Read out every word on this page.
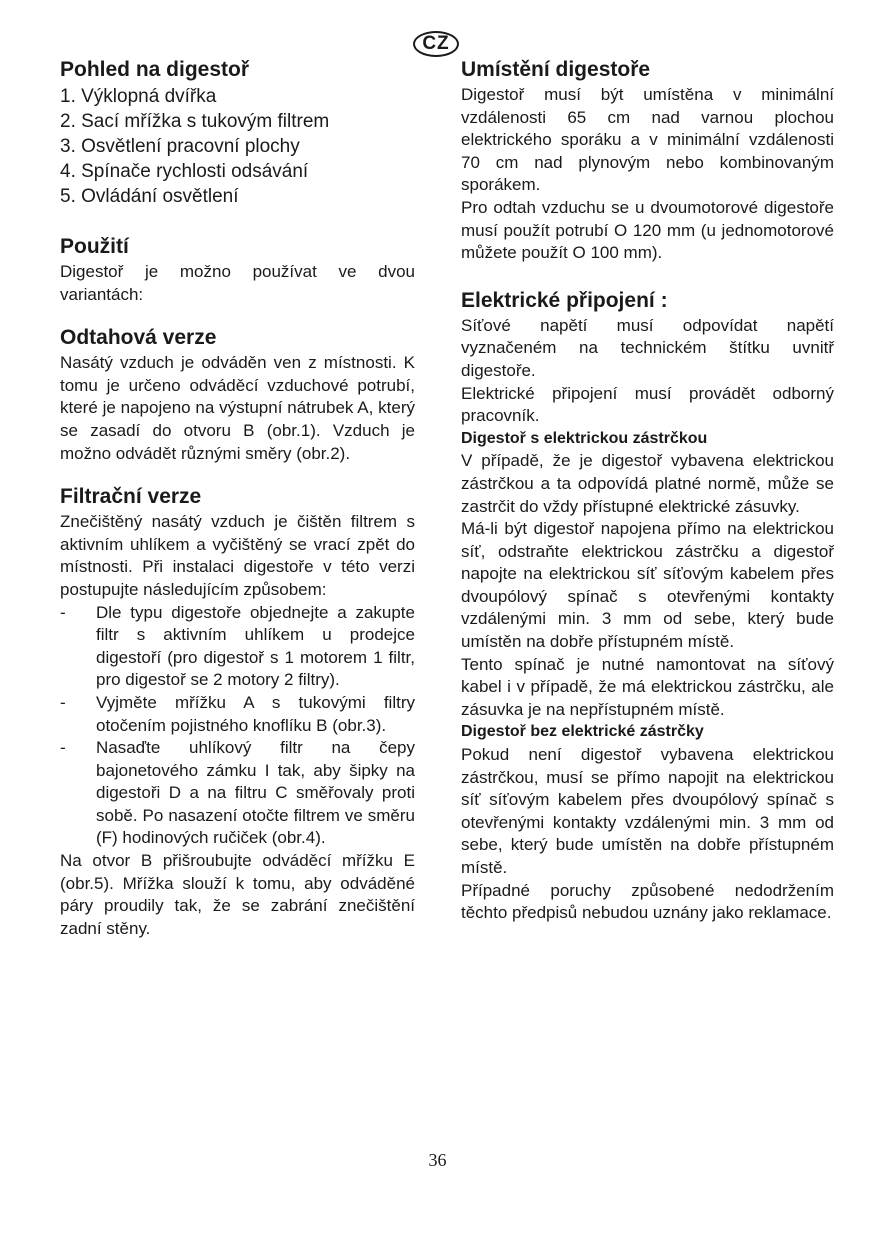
CZ
Pohled na digestoř
1. Výklopná dvířka
2. Sací mřížka s tukovým filtrem
3. Osvětlení pracovní plochy
4. Spínače rychlosti odsávání
5. Ovládání osvětlení
Použití

Digestoř je možno používat ve dvou variantách:

Odtahová verze

Nasátý vzduch je odváděn ven z místnosti. K tomu je určeno odváděcí vzduchové potrubí, které je napojeno na výstupní nátrubek A, který se zasadí do otvoru B (obr.1). Vzduch je možno odvádět různými směry (obr.2).

Filtrační verze

Znečištěný nasátý vzduch je čištěn filtrem s aktivním uhlíkem a vyčištěný se vrací zpět do místnosti. Při instalaci digestoře v této verzi postupujte následujícím způsobem:

-	Dle typu digestoře objednejte a zakupte filtr s aktivním uhlíkem u prodejce digestoří (pro digestoř s 1 motorem 1 filtr, pro digestoř se 2 motory 2 filtry).
-	Vyjměte mřížku A s tukovými filtry otočením pojistného knoflíku B (obr.3).
-	Nasaďte uhlíkový filtr na čepy bajonetového zámku I tak, aby šipky na digestoři D a na filtru C směřovaly proti sobě. Po nasazení otočte filtrem ve směru (F) hodinových ručiček (obr.4).

Na otvor B přišroubujte odváděcí mřížku E (obr.5). Mřížka slouží k tomu, aby odváděné páry proudily tak, že se zabrání znečištění zadní stěny.

Umístění digestoře

Digestoř musí být umístěna v minimální vzdálenosti 65 cm nad varnou plochou elektrického sporáku a v minimální vzdálenosti 70 cm nad plynovým nebo kombinovaným sporákem.

Pro odtah vzduchu se u dvoumotorové digestoře musí použít potrubí O 120 mm (u jednomotorové můžete použít O 100 mm).

Elektrické připojení :

Síťové napětí musí odpovídat napětí vyznačeném na technickém štítku uvnitř digestoře.

Elektrické připojení musí provádět odborný pracovník.

Digestoř s elektrickou zástrčkou

V případě, že je digestoř vybavena elektrickou zástrčkou a ta odpovídá platné normě, může se zastrčit do vždy přístupné elektrické zásuvky.

Má-li být digestoř napojena přímo na elektrickou síť, odstraňte elektrickou zástrčku a digestoř napojte na elektrickou síť síťovým kabelem přes dvoupólový spínač s otevřenými kontakty vzdálenými min. 3 mm od sebe, který bude umístěn na dobře přístupném místě.

Tento spínač je nutné namontovat na síťový kabel i v případě, že má elektrickou zástrčku, ale zásuvka je na nepřístupném místě.

Digestoř bez elektrické zástrčky

Pokud není digestoř vybavena elektrickou zástrčkou, musí se přímo napojit na elektrickou síť síťovým kabelem přes dvoupólový spínač s otevřenými kontakty vzdálenými min. 3 mm od sebe, který bude umístěn na dobře přístupném místě.

Případné poruchy způsobené nedodržením těchto předpisů nebudou uznány jako reklamace.

36
